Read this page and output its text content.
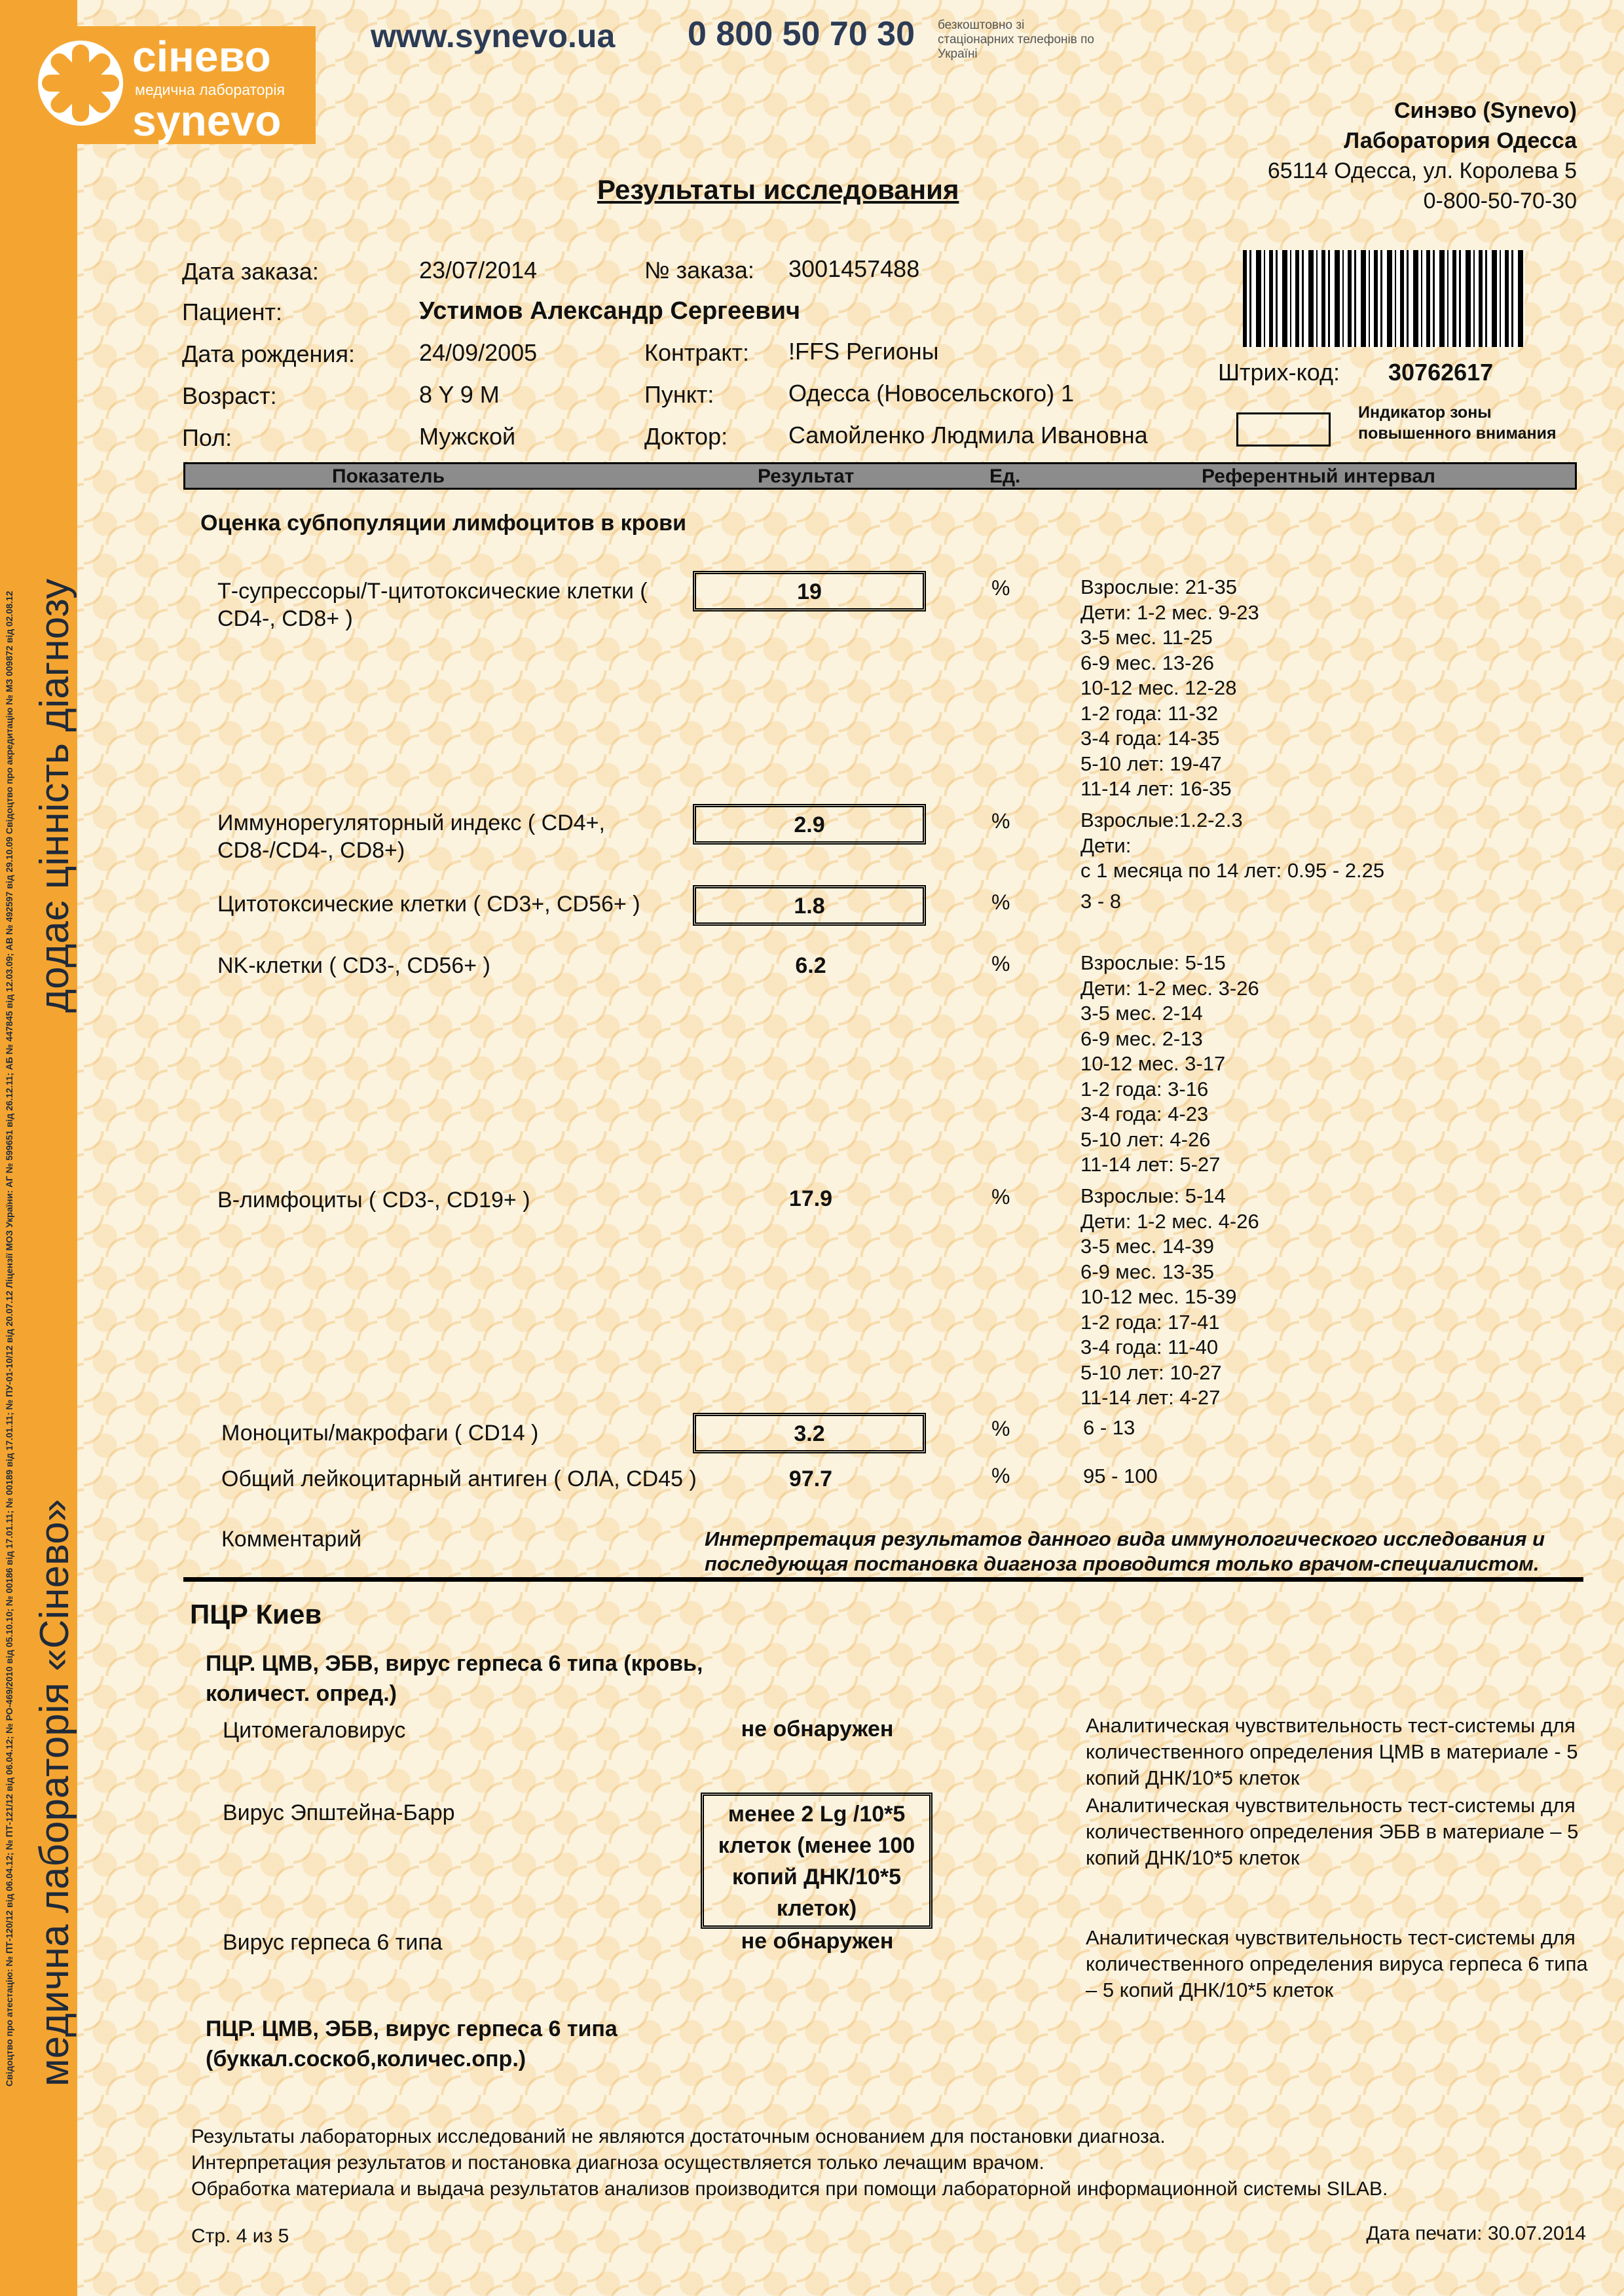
медична лабораторія «Сінево»
додає цінність діагнозу
Свідоцтво про атестацію: № ПТ-120/12 від 06.04.12; № ПТ-121/12 від 06.04.12; № РО-469/2010 від 05.10.10; № 00186 від 17.01.11; № 00189 від 17.01.11; № ПУ-01-10/12 від 20.07.12 Ліцензії МОЗ України: АГ № 599651 від 26.12.11; АБ № 447845 від 12.03.09; АВ № 492597 від 29.10.09 Свідоцтво про акредитацію № МЗ 009872 від 02.08.12
сінево
медична лабораторія
synevo
www.synevo.ua 0 800 50 70 30 безкоштовно зі стаціонарних телефонів по Україні
Синэво (Synevo)
Лаборатория Одесса
65114 Одесса, ул. Королева 5
0-800-50-70-30
Результаты исследования
Дата заказа:	23/07/2014	№ заказа: 3001457488
Пациент:	Устимов Александр Сергеевич
Дата рождения:	24/09/2005	Контракт: !FFS Регионы
Возраст:	8 Y 9 M	Пункт:	Одесса (Новосельского) 1
Пол:	Мужской	Доктор:	Самойленко Людмила Ивановна
Штрих-код: 30762617
Индикатор зоны повышенного внимания
Показатель	Результат	Ед.	Референтный интервал
Оценка субпопуляции лимфоцитов в крови
Т-супрессоры/Т-цитотоксические клетки ( CD4-, CD8+ )
19	%	Взрослые: 21-35
Дети: 1-2 мес. 9-23
3-5 мес. 11-25
6-9 мес. 13-26
10-12 мес. 12-28
1-2 года: 11-32
3-4 года: 14-35
5-10 лет: 19-47
11-14 лет: 16-35
Иммунорегуляторный индекс ( CD4+, CD8-/CD4-, CD8+)
2.9	%	Взрослые:1.2-2.3
Дети:
с 1 месяца по 14 лет: 0.95 - 2.25
Цитотоксические клетки ( CD3+, CD56+ )	1.8	%	3 - 8
NK-клетки ( CD3-, CD56+ )	6.2	%	Взрослые: 5-15
Дети: 1-2 мес. 3-26
3-5 мес. 2-14
6-9 мес. 2-13
10-12 мес. 3-17
1-2 года: 3-16
3-4 года: 4-23
5-10 лет: 4-26
11-14 лет: 5-27
В-лимфоциты ( CD3-, CD19+ )	17.9	%	Взрослые: 5-14
Дети: 1-2 мес. 4-26
3-5 мес. 14-39
6-9 мес. 13-35
10-12 мес. 15-39
1-2 года: 17-41
3-4 года: 11-40
5-10 лет: 10-27
11-14 лет: 4-27
Моноциты/макрофаги ( CD14 )	3.2	%	6 - 13
Общий лейкоцитарный антиген ( ОЛА, CD45 )	97.7	%	95 - 100
Комментарий	Интерпретация результатов данного вида иммунологического исследования и последующая постановка диагноза проводится только врачом-специалистом.
ПЦР Киев
ПЦР. ЦМВ, ЭБВ, вирус герпеса 6 типа (кровь, количест. опред.)
Цитомегаловирус	не обнаружен	Аналитическая чувствительность тест-системы для количественного определения ЦМВ в материале - 5 копий ДНК/10*5 клеток
Вирус Эпштейна-Барр	менее 2 Lg /10*5 клеток (менее 100 копий ДНК/10*5 клеток)
Аналитическая чувствительность тест-системы для количественного определения ЭБВ в материале – 5 копий ДНК/10*5 клеток
Вирус герпеса 6 типа	не обнаружен	Аналитическая чувствительность тест-системы для количественного определения вируса герпеса 6 типа – 5 копий ДНК/10*5 клеток
ПЦР. ЦМВ, ЭБВ, вирус герпеса 6 типа (буккал.соскоб,количес.опр.)
Результаты лабораторных исследований не являются достаточным основанием для постановки диагноза.
Интерпретация результатов и постановка диагноза осуществляется только лечащим врачом.
Обработка материала и выдача результатов анализов производится при помощи лабораторной информационной системы SILAB.
Стр. 4 из 5	Дата печати: 30.07.2014
